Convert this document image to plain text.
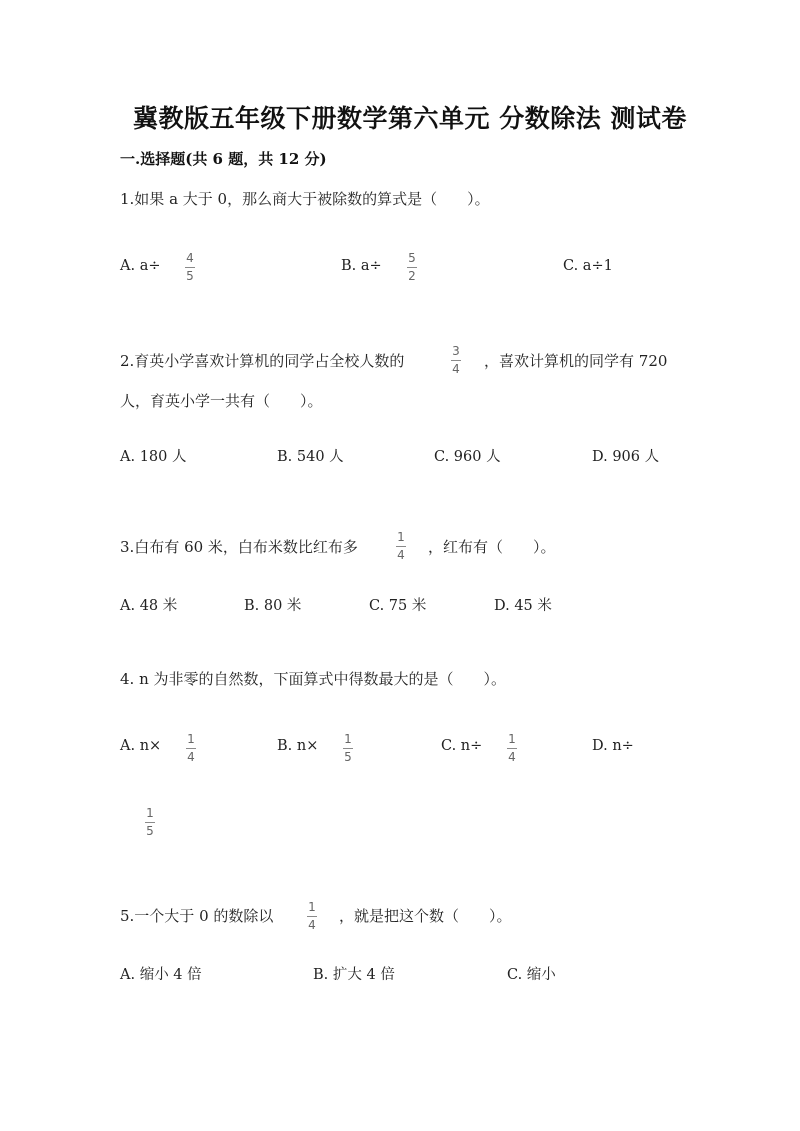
冀教版五年级下册数学第六单元 分数除法 测试卷
一.选择题(共 6 题，共 12 分)
1.如果 a 大于 0，那么商大于被除数的算式是（　　）。
A. a÷ 4
5
B. a÷ 5
2
C. a÷1
2.育英小学喜欢计算机的同学占全校人数的
3
4 ，喜欢计算机的同学有 720
人，育英小学一共有（　　）。
A. 180 人	B. 540 人	C. 960 人	D. 906 人
3.白布有 60 米，白布米数比红布多
1
4 ，红布有（　　）。
A. 48 米	B. 80 米	C. 75 米	D. 45 米
4. n 为非零的自然数，下面算式中得数最大的是（　　）。
A. n× 1
4
B. n× 1
5
C. n÷ 1
4
D. n÷
1
5
5.一个大于 0 的数除以	1
4 ，就是把这个数（　　）。
A. 缩小 4 倍	B. 扩大 4 倍	C. 缩小
